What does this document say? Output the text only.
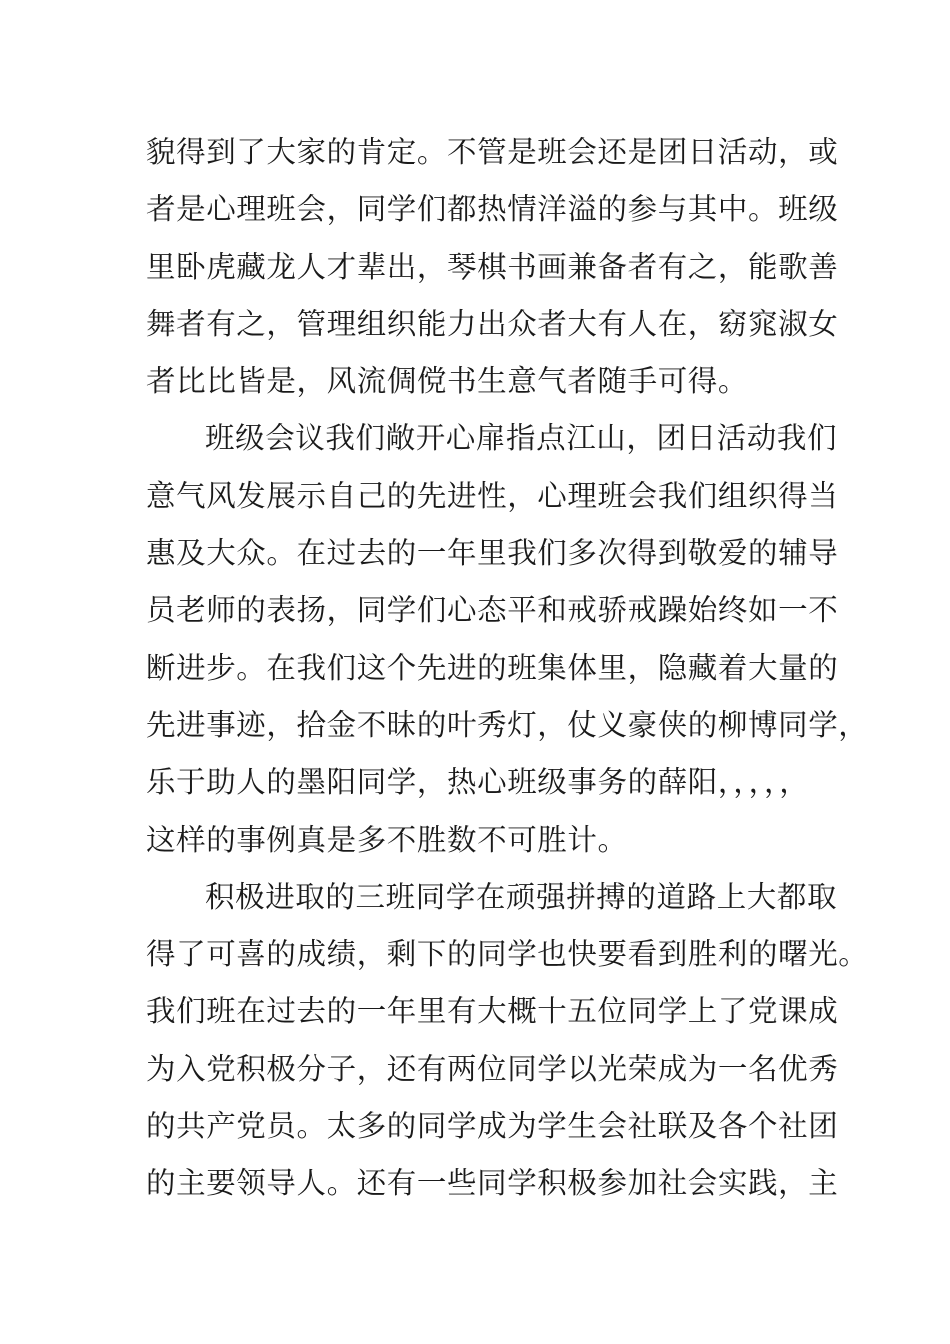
貌得到了大家的肯定。不管是班会还是团日活动，或
者是心理班会，同学们都热情洋溢的参与其中。班级
里卧虎藏龙人才辈出，琴棋书画兼备者有之，能歌善
舞者有之，管理组织能力出众者大有人在，窈窕淑女
者比比皆是，风流倜傥书生意气者随手可得。
班级会议我们敞开心扉指点江山，团日活动我们
意气风发展示自己的先进性，心理班会我们组织得当
惠及大众。在过去的一年里我们多次得到敬爱的辅导
员老师的表扬，同学们心态平和戒骄戒躁始终如一不
断进步。在我们这个先进的班集体里，隐藏着大量的
先进事迹，拾金不昧的叶秀灯，仗义豪侠的柳博同学，
乐于助人的墨阳同学，热心班级事务的薛阳，，，，，
这样的事例真是多不胜数不可胜计。
积极进取的三班同学在顽强拼搏的道路上大都取
得了可喜的成绩，剩下的同学也快要看到胜利的曙光。
我们班在过去的一年里有大概十五位同学上了党课成
为入党积极分子，还有两位同学以光荣成为一名优秀
的共产党员。太多的同学成为学生会社联及各个社团
的主要领导人。还有一些同学积极参加社会实践，主
